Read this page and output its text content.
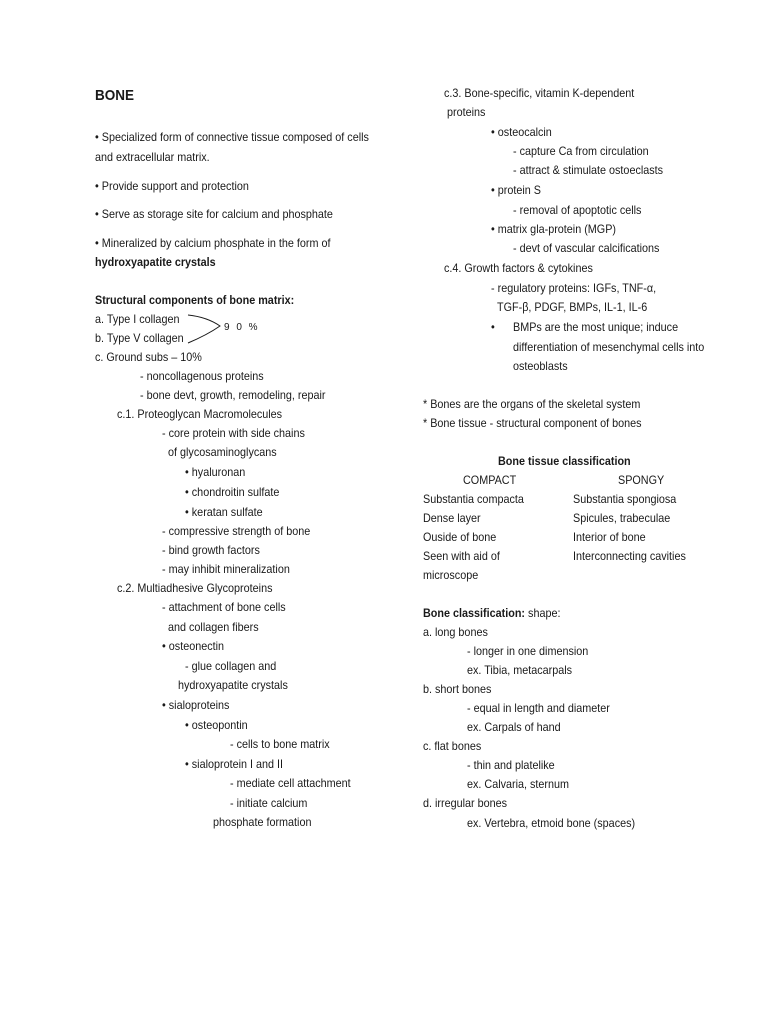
BONE
• Specialized form of connective tissue composed of cells
and extracellular matrix.
• Provide support and protection
• Serve as storage site for calcium and phosphate
• Mineralized by calcium phosphate in the form of
hydroxyapatite crystals
Structural components of bone matrix:
a. Type I collagen
b. Type V collagen
9 0 %
c. Ground subs – 10%
- noncollagenous proteins
- bone devt, growth, remodeling, repair
c.1. Proteoglycan Macromolecules
- core protein with side chains
of glycosaminoglycans
• hyaluronan
• chondroitin sulfate
• keratan sulfate
- compressive strength of bone
- bind growth factors
- may inhibit mineralization
c.2. Multiadhesive Glycoproteins
- attachment of bone cells
and collagen fibers
• osteonectin
- glue collagen and
hydroxyapatite crystals
• sialoproteins
• osteopontin
- cells to bone matrix
• sialoprotein I and II
- mediate cell attachment
- initiate calcium
phosphate formation
c.3. Bone-specific, vitamin K-dependent
proteins
• osteocalcin
- capture Ca from circulation
- attract & stimulate ostoeclasts
• protein S
- removal of apoptotic cells
• matrix gla-protein (MGP)
- devt of vascular calcifications
c.4. Growth factors & cytokines
- regulatory proteins: IGFs, TNF-α,
TGF-β, PDGF, BMPs, IL-1, IL-6
• BMPs are the most unique; induce
differentiation of mesenchymal cells into
osteoblasts
* Bones are the organs of the skeletal system
* Bone tissue - structural component of bones
Bone tissue classification
COMPACT	SPONGY
Substantia compacta	Substantia spongiosa
Dense layer	Spicules, trabeculae
Ouside of bone	Interior of bone
Seen with aid of	Interconnecting cavities
microscope
Bone classification: shape:
a. long bones
- longer in one dimension
ex. Tibia, metacarpals
b. short bones
- equal in length and diameter
ex. Carpals of hand
c. flat bones
- thin and platelike
ex. Calvaria, sternum
d. irregular bones
ex. Vertebra, etmoid bone (spaces)
